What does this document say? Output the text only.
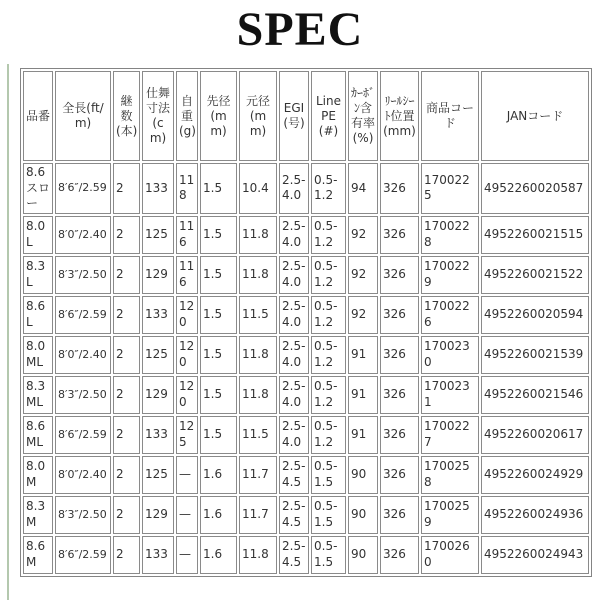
SPEC
品番	全長(ft/m)	継数(本)	仕舞寸法(cm)	自重(g)	先径(mm)	元径(mm)	EGI(号)	Line PE(#)	ｶｰﾎﾞﾝ含有率(%)	ﾘｰﾙｼｰﾄ位置(mm)	商品コード	JANコード
8.6 スロー	8′6″/2.59	2	133	118	1.5	10.4	2.5-4.0	0.5-1.2	94	326	1700225	4952260020587
8.0 L	8′0″/2.40	2	125	116	1.5	11.8	2.5-4.0	0.5-1.2	92	326	1700228	4952260021515
8.3 L	8′3″/2.50	2	129	116	1.5	11.8	2.5-4.0	0.5-1.2	92	326	1700229	4952260021522
8.6 L	8′6″/2.59	2	133	120	1.5	11.5	2.5-4.0	0.5-1.2	92	326	1700226	4952260020594
8.0 ML	8′0″/2.40	2	125	120	1.5	11.8	2.5-4.0	0.5-1.2	91	326	1700230	4952260021539
8.3 ML	8′3″/2.50	2	129	120	1.5	11.8	2.5-4.0	0.5-1.2	91	326	1700231	4952260021546
8.6 ML	8′6″/2.59	2	133	125	1.5	11.5	2.5-4.0	0.5-1.2	91	326	1700227	4952260020617
8.0 M	8′0″/2.40	2	125	—	1.6	11.7	2.5-4.5	0.5-1.5	90	326	1700258	4952260024929
8.3 M	8′3″/2.50	2	129	—	1.6	11.7	2.5-4.5	0.5-1.5	90	326	1700259	4952260024936
8.6 M	8′6″/2.59	2	133	—	1.6	11.8	2.5-4.5	0.5-1.5	90	326	1700260	4952260024943
